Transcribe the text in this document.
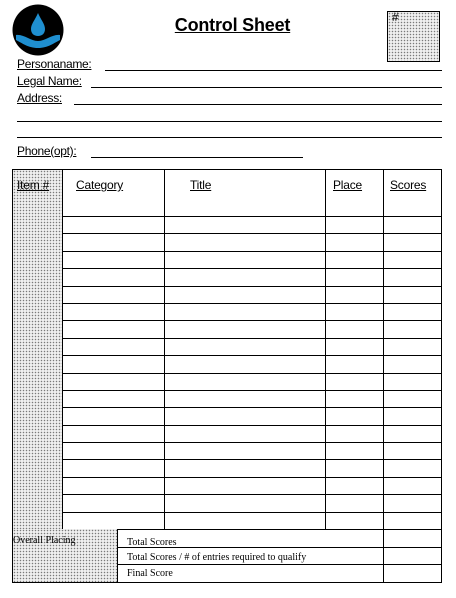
Control Sheet	#
Personaname:
Legal Name:
Address:
Phone(opt):
Item # Category	Title	Place Scores
Overall Placing	Total Scores
Total Scores / # of entries required to qualify
Final Score
